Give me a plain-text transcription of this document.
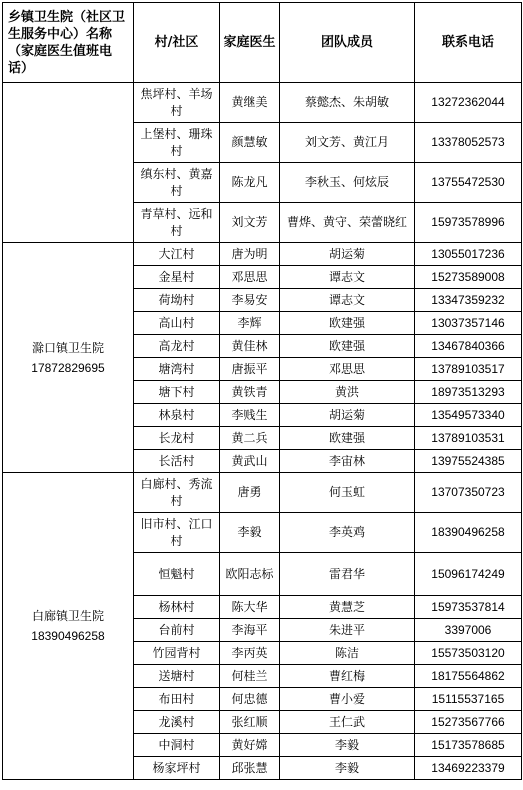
乡镇卫生院（社区卫生服务中心）名称（家庭医生值班电话）	村/社区	家庭医生	团队成员	联系电话

	焦坪村、羊场村	黄继美	蔡懿杰、朱胡敏	13272362044
	上堡村、珊珠村	颜慧敏	刘文芳、黄江月	13378052573
	缜东村、黄嘉村	陈龙凡	李秋玉、何炫辰	13755472530
	青草村、远和村	刘文芳	曹烨、黄守、荣蕾晓红	15973578996

滁口镇卫生院
17872829695	大江村	唐为明	胡运菊	13055017236
	金星村	邓思思	谭志文	15273589008
	荷坳村	李易安	谭志文	13347359232
	高山村	李辉	欧建强	13037357146
	高龙村	黄佳林	欧建强	13467840366
	塘湾村	唐振平	邓思思	13789103517
	塘下村	黄铁青	黄洪	18973513293
	林泉村	李贱生	胡运菊	13549573340
	长龙村	黄二兵	欧建强	13789103531
	长活村	黄武山	李宙林	13975524385

白廊镇卫生院
18390496258	白廊村、秀流村	唐勇	何玉虹	13707350723
	旧市村、江口村	李毅	李英鸡	18390496258
	恒魁村	欧阳志标	雷君华	15096174249
	杨林村	陈大华	黄慧芝	15973537814
	台前村	李海平	朱进平	3397006
	竹园背村	李丙英	陈洁	15573503120
	送塘村	何桂兰	曹红梅	18175564862
	布田村	何忠德	曹小爱	15115537165
	龙溪村	张红顺	王仁武	15273567766
	中洞村	黄好嫦	李毅	15173578685
	杨家坪村	邱张慧	李毅	13469223379
